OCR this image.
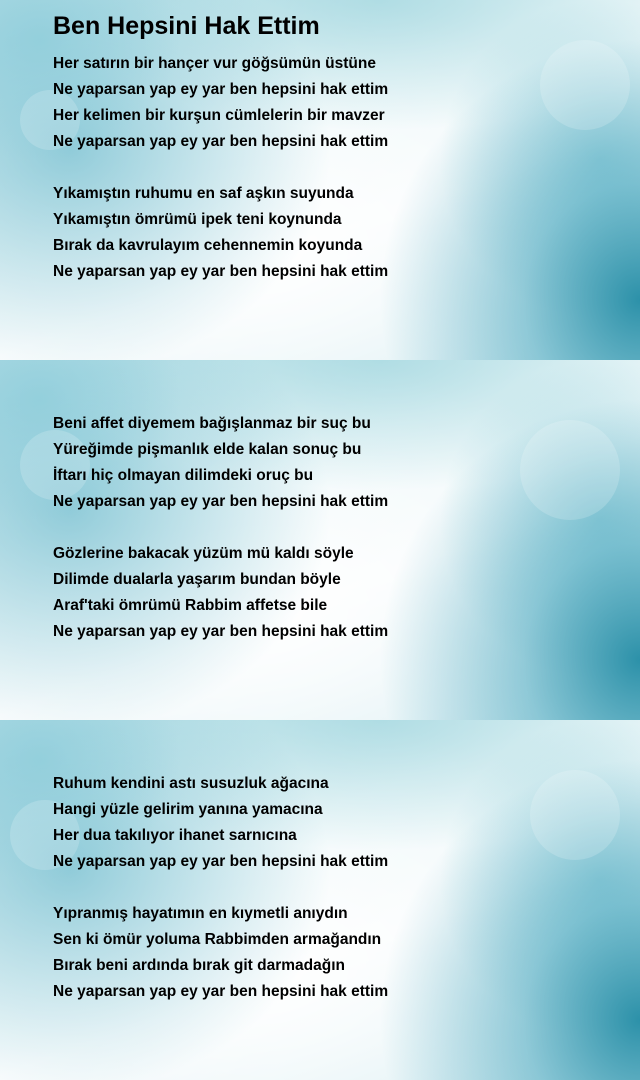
Ben Hepsini Hak Ettim
Her satırın bir hançer vur göğsümün üstüne
Ne yaparsan yap ey yar ben hepsini hak ettim
Her kelimen bir kurşun cümlelerin bir mavzer
Ne yaparsan yap ey yar ben hepsini hak ettim
Yıkamıştın ruhumu en saf aşkın suyunda
Yıkamıştın ömrümü ipek teni koynunda
Bırak da kavrulayım cehennemin koyunda
Ne yaparsan yap ey yar ben hepsini hak ettim
Beni affet diyemem bağışlanmaz bir suç bu
Yüreğimde pişmanlık elde kalan sonuç bu
İftarı hiç olmayan dilimdeki oruç bu
Ne yaparsan yap ey yar ben hepsini hak ettim
Gözlerine bakacak yüzüm mü kaldı söyle
Dilimde dualarla yaşarım bundan böyle
Araf'taki ömrümü Rabbim affetse bile
Ne yaparsan yap ey yar ben hepsini hak ettim
Ruhum kendini astı susuzluk ağacına
Hangi yüzle gelirim yanına yamacına
Her dua takılıyor ihanet sarnıcına
Ne yaparsan yap ey yar ben hepsini hak ettim
Yıpranmış hayatımın en kıymetli anıydın
Sen ki ömür yoluma Rabbimden armağandın
Bırak beni ardında bırak git darmadağın
Ne yaparsan yap ey yar ben hepsini hak ettim
